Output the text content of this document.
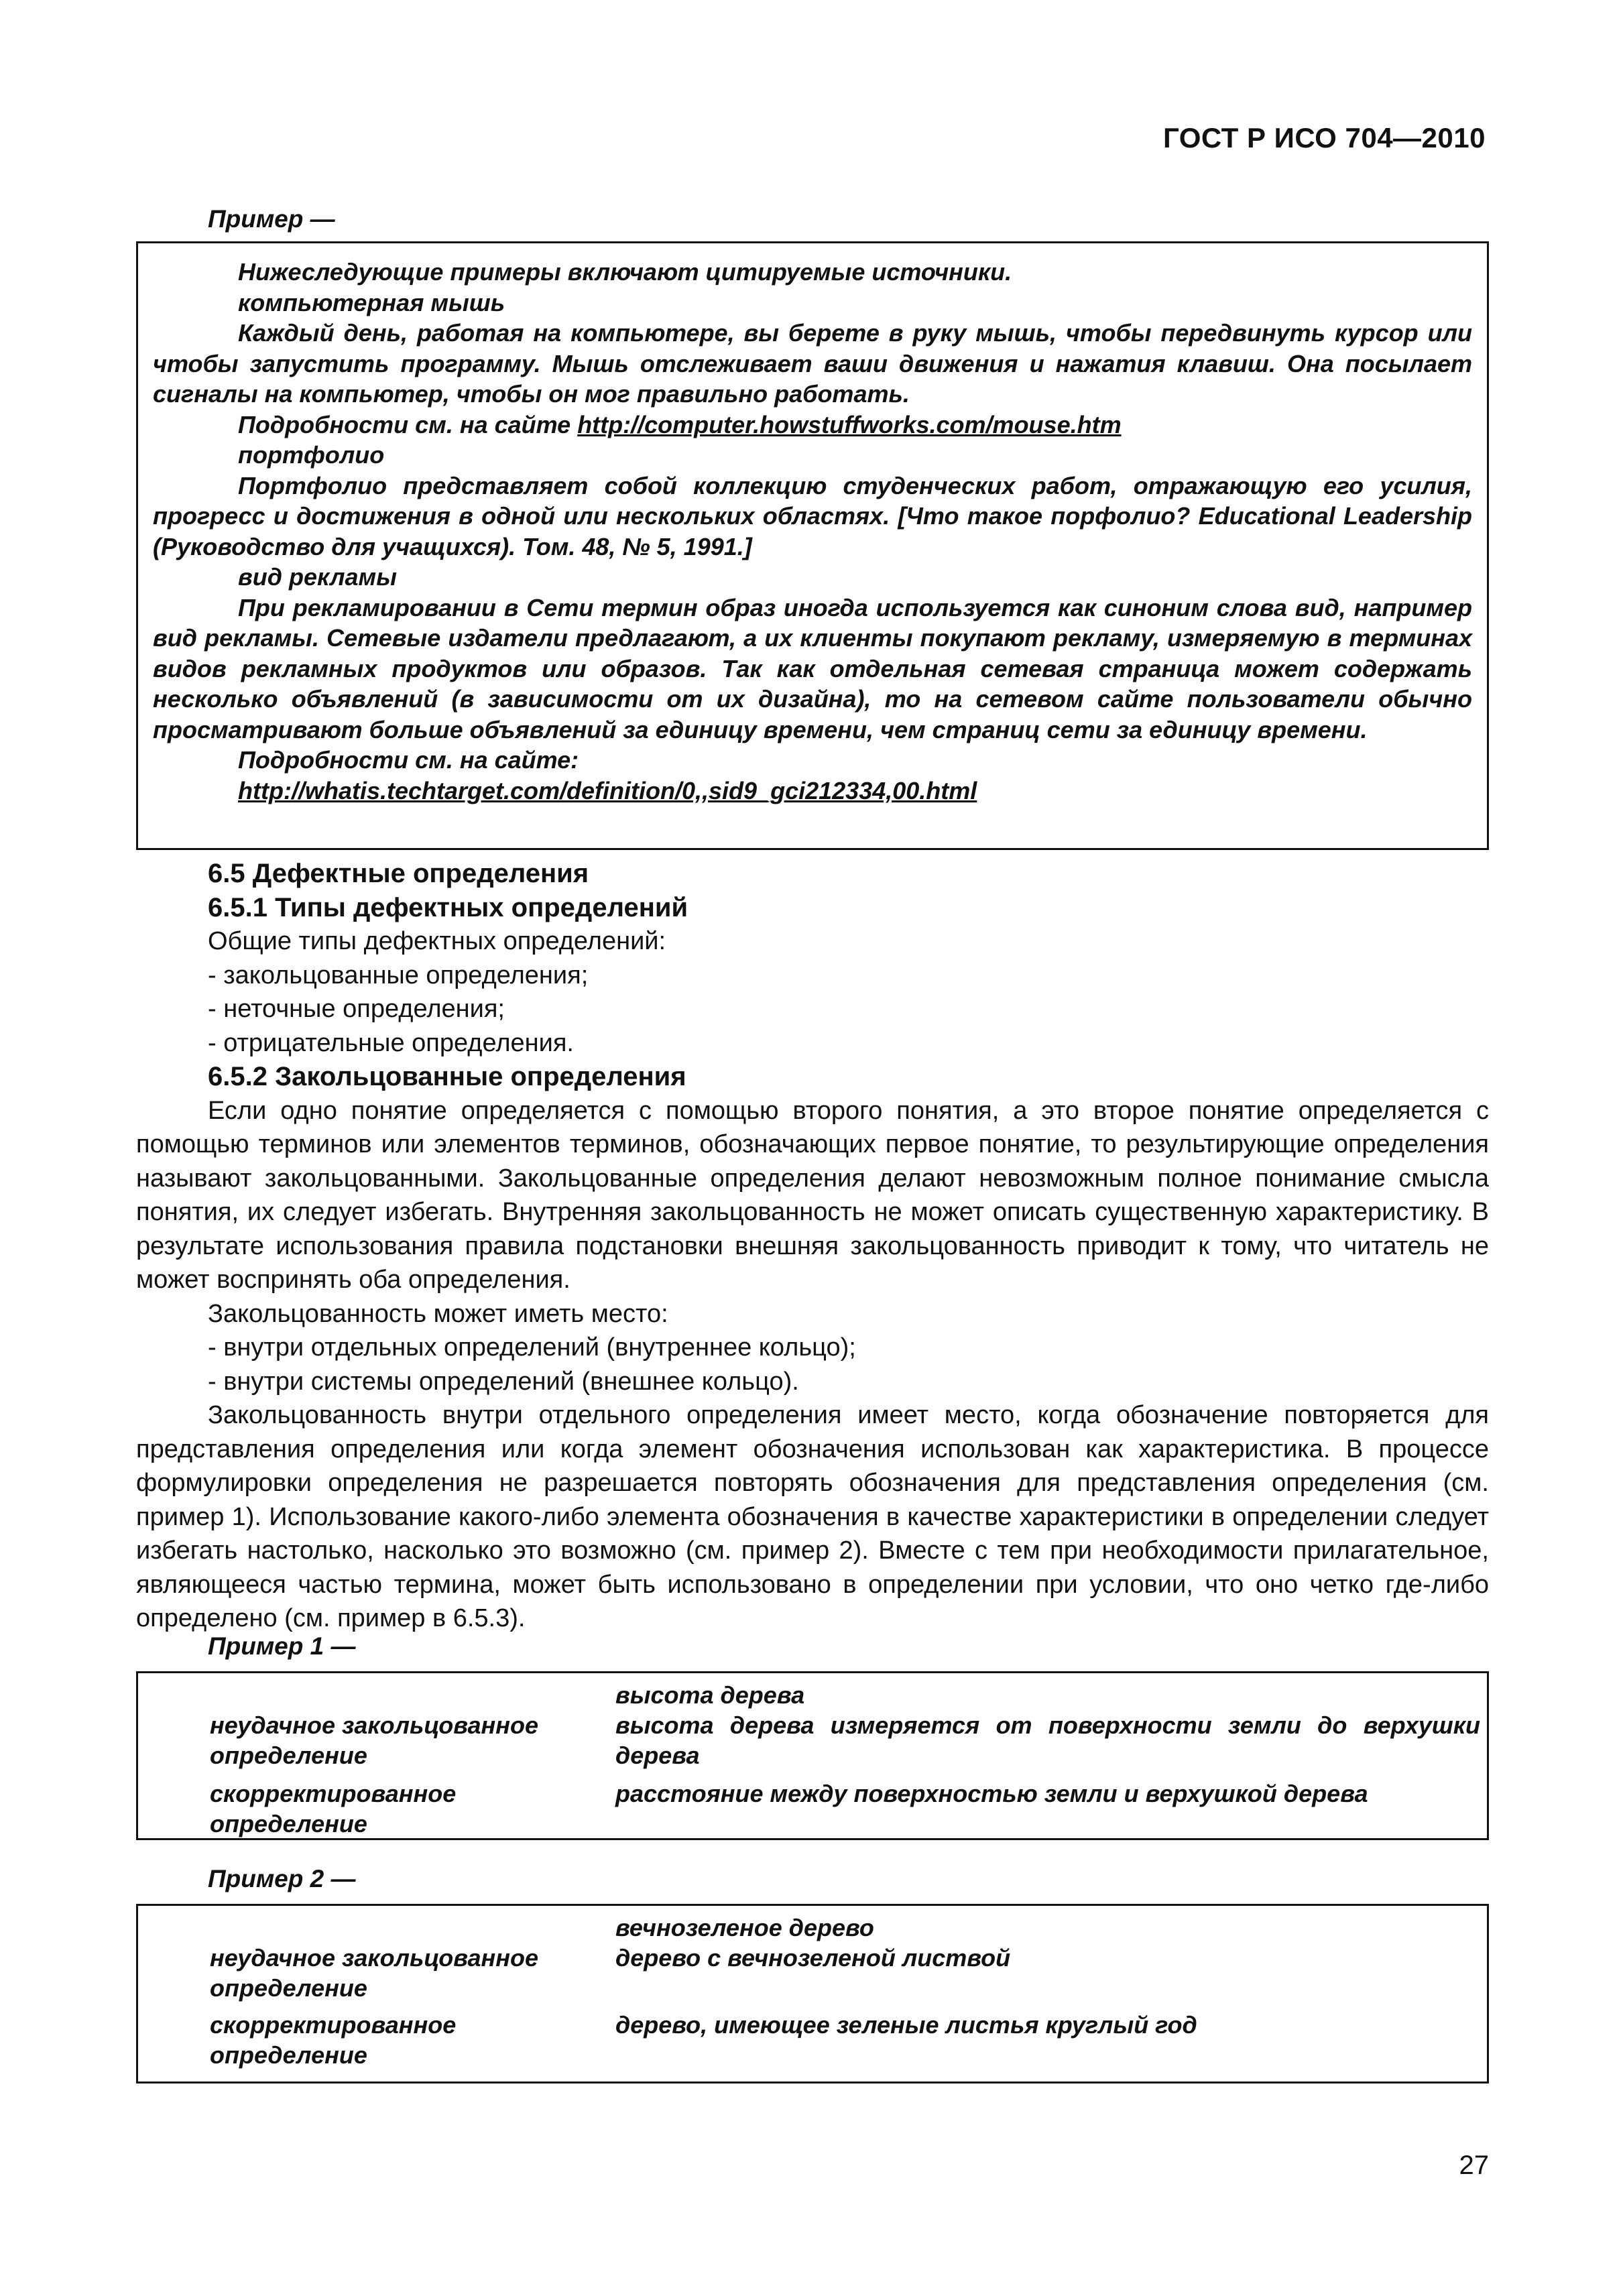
ГОСТ Р ИСО 704—2010
Пример —

Нижеследующие примеры включают цитируемые источники.

компьютерная мышь

Каждый день, работая на компьютере, вы берете в руку мышь, чтобы передвинуть курсор или чтобы запустить программу. Мышь отслеживает ваши движения и нажатия клавиш. Она посылает сигналы на компьютер, чтобы он мог правильно работать.

Подробности см. на сайте http://computer.howstuffworks.com/mouse.htm

портфолио

Портфолио представляет собой коллекцию студенческих работ, отражающую его усилия, прогресс и достижения в одной или нескольких областях. [Что такое порфолио? Educational Leadership (Руководство для учащихся). Том. 48, № 5, 1991.]

вид рекламы

При рекламировании в Сети термин образ иногда используется как синоним слова вид, например вид рекламы. Сетевые издатели предлагают, а их клиенты покупают рекламу, измеряемую в терминах видов рекламных продуктов или образов. Так как отдельная сетевая страница может содержать несколько объявлений (в зависимости от их дизайна), то на сетевом сайте пользователи обычно просматривают больше объявлений за единицу времени, чем страниц сети за единицу времени.

Подробности см. на сайте:

http://whatis.techtarget.com/definition/0,,sid9_gci212334,00.html

6.5 Дефектные определения

6.5.1 Типы дефектных определений

Общие типы дефектных определений:

- закольцованные определения;

- неточные определения;

- отрицательные определения.

6.5.2 Закольцованные определения

Если одно понятие определяется с помощью второго понятия, а это второе понятие определяется с помощью терминов или элементов терминов, обозначающих первое понятие, то результирующие определения называют закольцованными. Закольцованные определения делают невозможным полное понимание смысла понятия, их следует избегать. Внутренняя закольцованность не может описать существенную характеристику. В результате использования правила подстановки внешняя закольцованность приводит к тому, что читатель не может воспринять оба определения.

Закольцованность может иметь место:

- внутри отдельных определений (внутреннее кольцо);

- внутри системы определений (внешнее кольцо).

Закольцованность внутри отдельного определения имеет место, когда обозначение повторяется для представления определения или когда элемент обозначения использован как характеристика. В процессе формулировки определения не разрешается повторять обозначения для представления определения (см. пример 1). Использование какого-либо элемента обозначения в качестве характеристики в определении следует избегать настолько, насколько это возможно (см. пример 2). Вместе с тем при необходимости прилагательное, являющееся частью термина, может быть использовано в определении при условии, что оно четко где-либо определено (см. пример в 6.5.3).

Пример 1 —
высота дерева
неудачное закольцованное определение
высота дерева измеряется от поверхности земли до верхушки дерева
скорректированное определение
расстояние между поверхностью земли и верхушкой дерева
Пример 2 —
вечнозеленое дерево
неудачное закольцованное определение
дерево с вечнозеленой листвой
скорректированное определение
дерево, имеющее зеленые листья круглый год
27
